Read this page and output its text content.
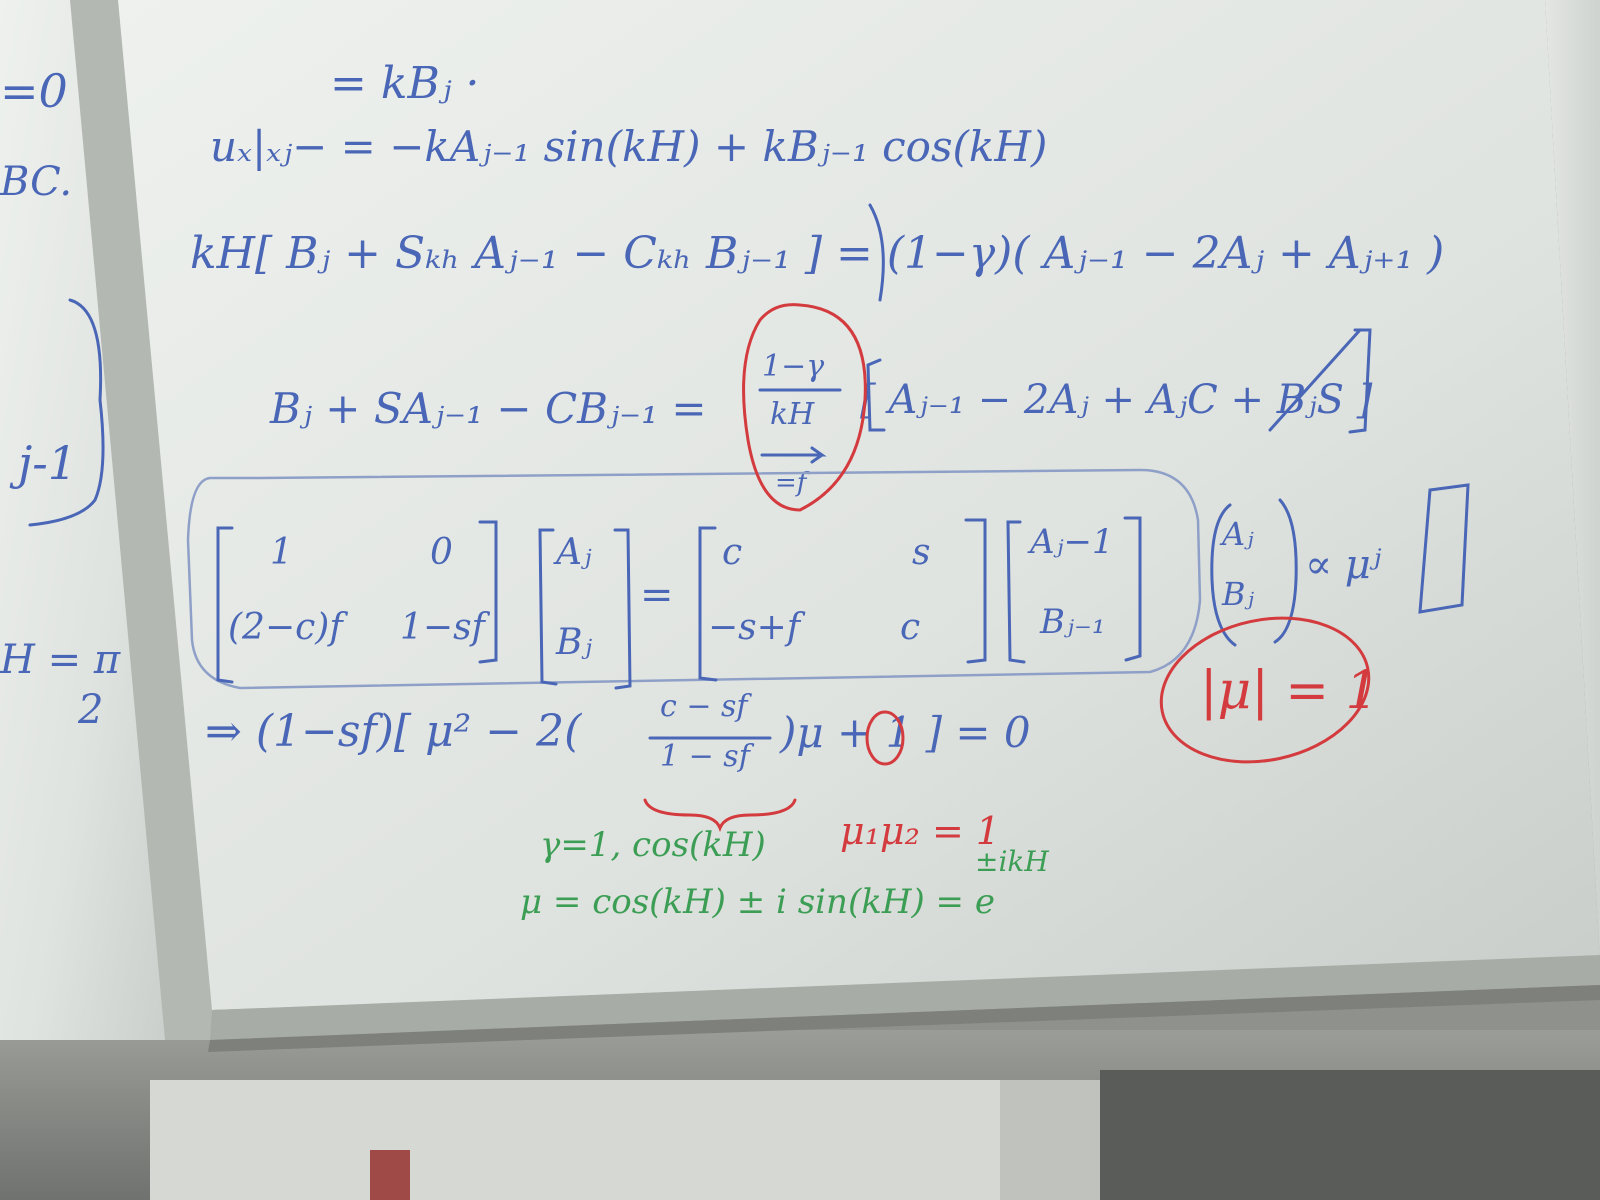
=0
BC.
j-1
H = π
2
= kBⱼ ·
uₓ|ₓⱼ− = −kAⱼ₋₁ sin(kH) + kBⱼ₋₁ cos(kH)
kH[ Bⱼ + Sₖₕ Aⱼ₋₁ − Cₖₕ Bⱼ₋₁ ] = (1−γ)( Aⱼ₋₁ − 2Aⱼ + Aⱼ₊₁ )
Bⱼ + SAⱼ₋₁ − CBⱼ₋₁ =
1−γ
kH
=f
[ Aⱼ₋₁ − 2Aⱼ + AⱼC + BⱼS ]
1	0
(2−c)f 1−sf
Aⱼ
Bⱼ
=
c	s
−s+f	c
Aⱼ−1
Bⱼ₋₁
Aⱼ
Bⱼ
∝ μʲ
|μ| = 1
⇒ (1−sf)[ μ² − 2(	c − sf
1 − sf )μ + 1 ] = 0
γ=1, cos(kH) μ₁μ₂ = 1
μ = cos(kH) ± i sin(kH) = e
±ikH
